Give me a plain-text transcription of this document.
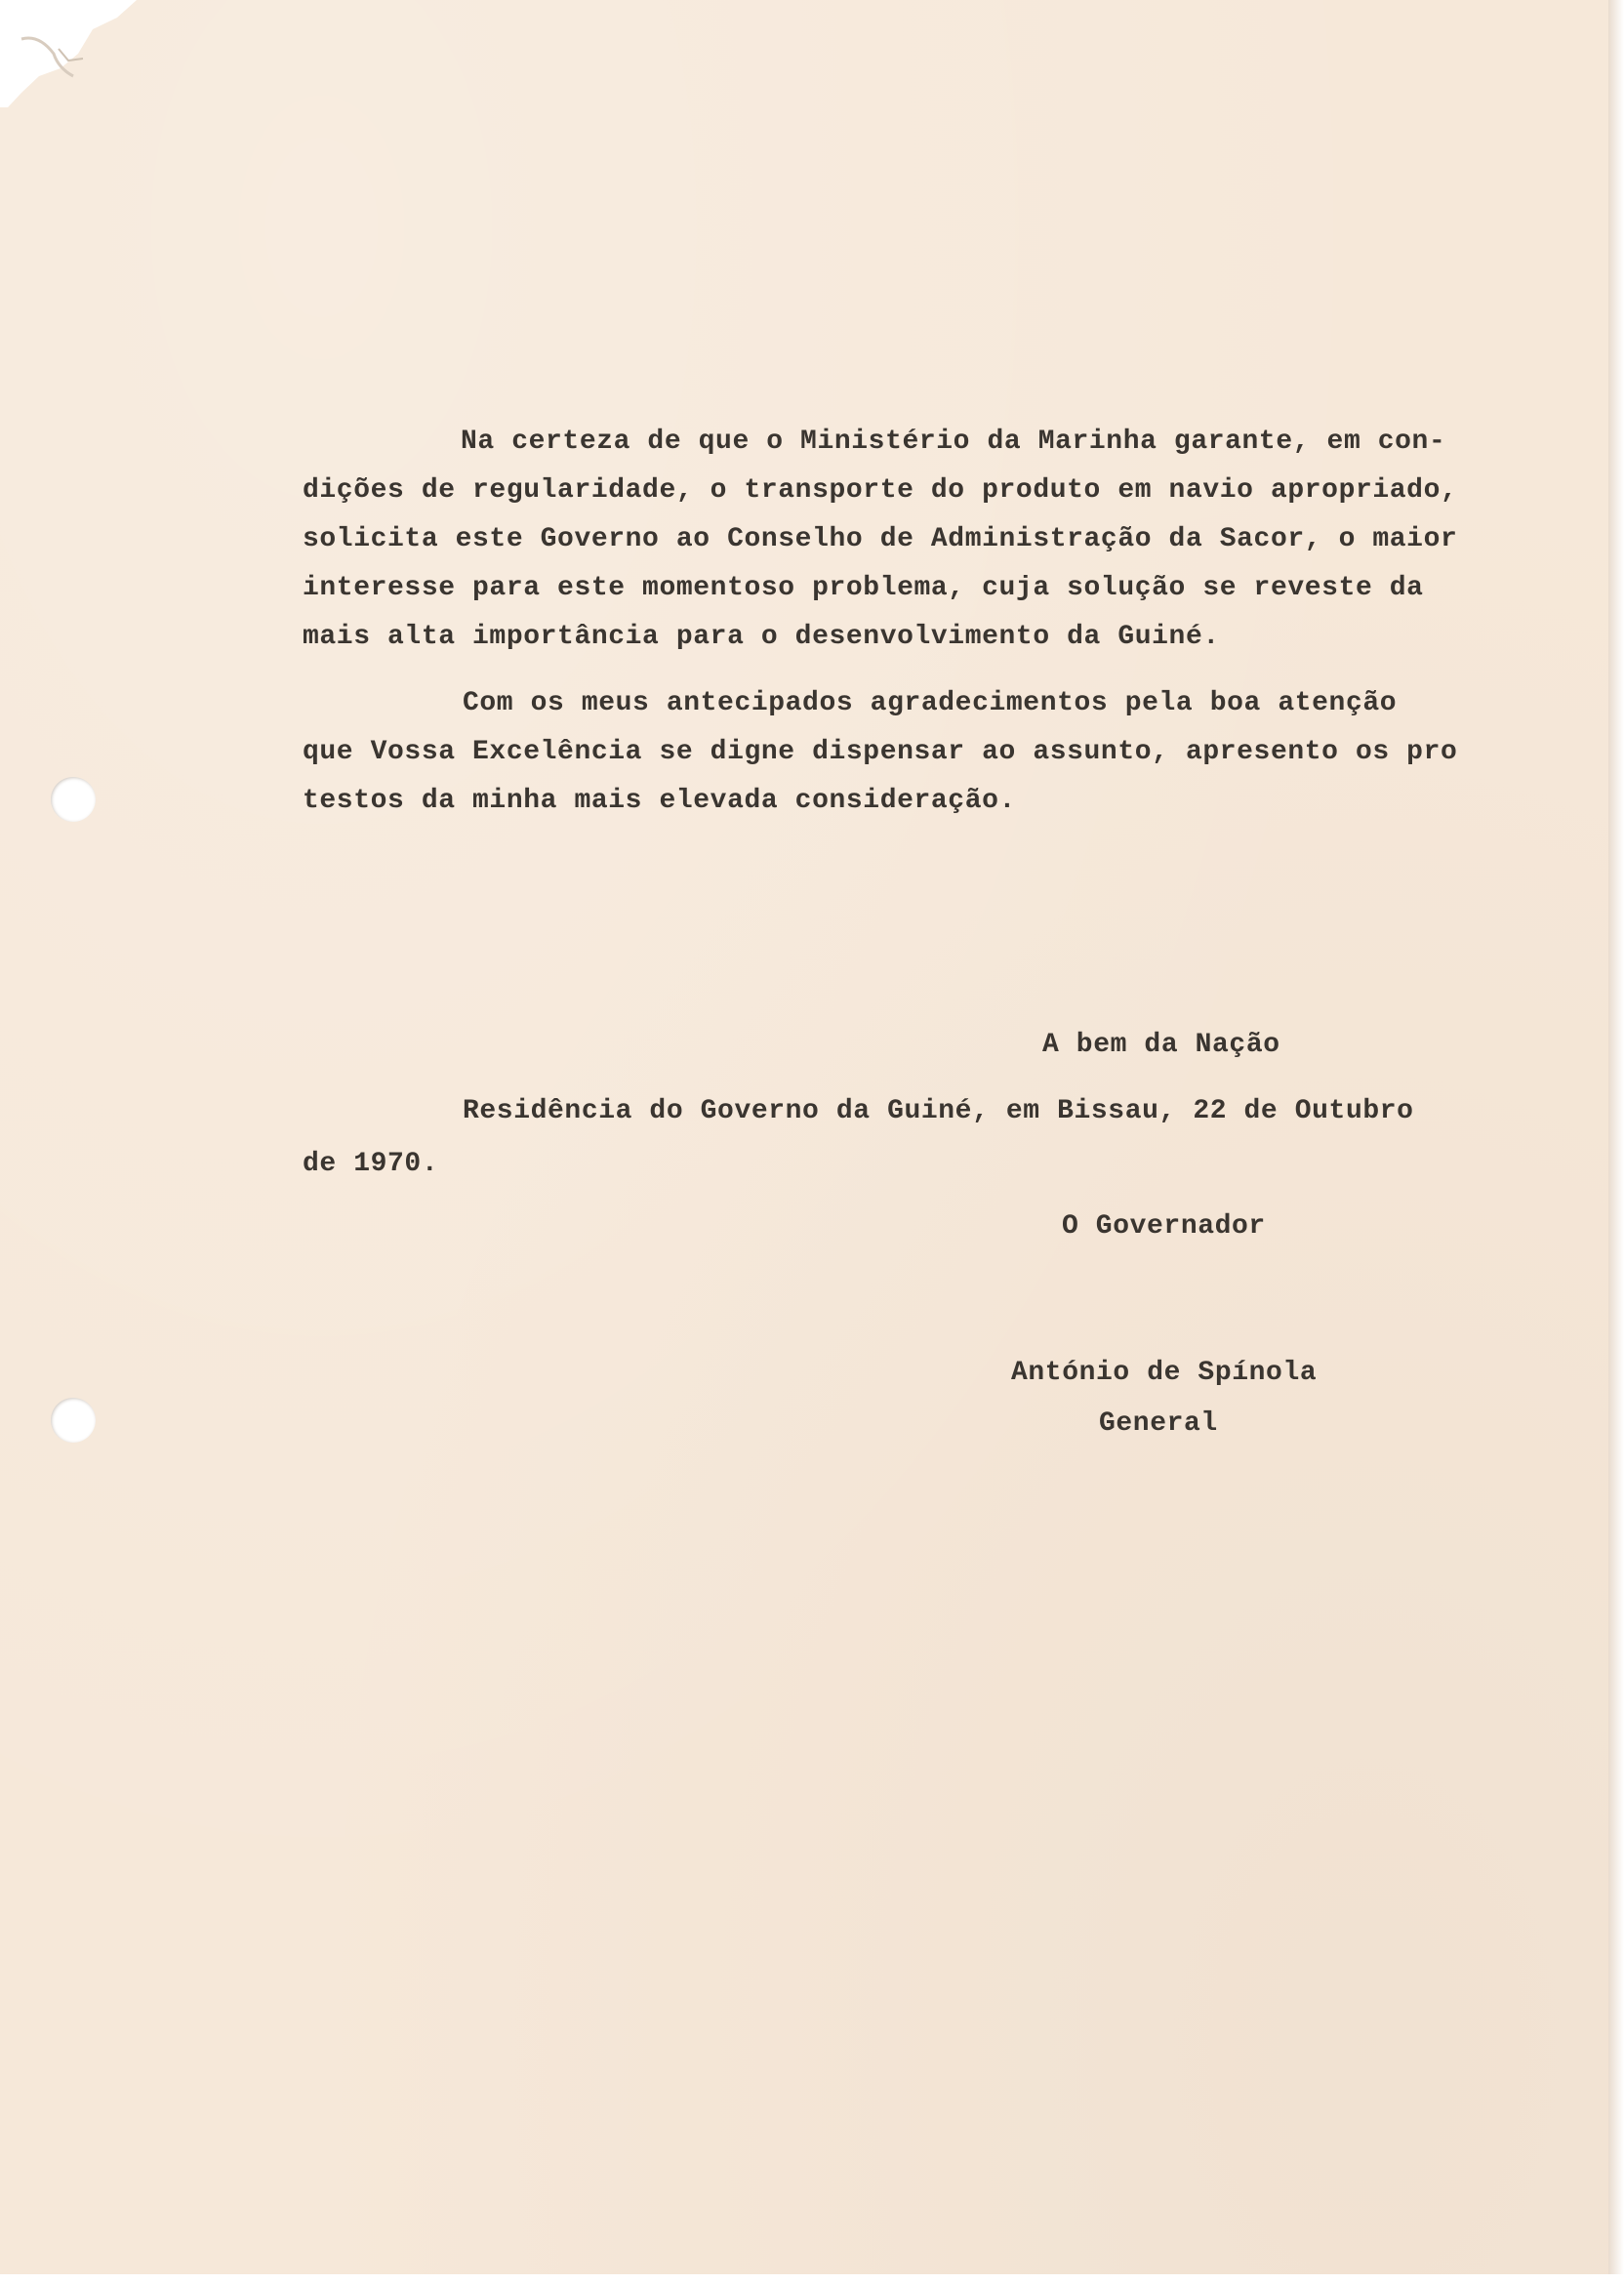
Na certeza de que o Ministério da Marinha garante, em con-
dições de regularidade, o transporte do produto em navio apropriado,
solicita este Governo ao Conselho de Administração da Sacor, o maior
interesse para este momentoso problema, cuja solução se reveste da
mais alta importância para o desenvolvimento da Guiné.
Com os meus antecipados agradecimentos pela boa atenção
que Vossa Excelência se digne dispensar ao assunto, apresento os pro
testos da minha mais elevada consideração.
A bem da Nação
Residência do Governo da Guiné, em Bissau, 22 de Outubro
de 1970.
O Governador
António de Spínola
General
